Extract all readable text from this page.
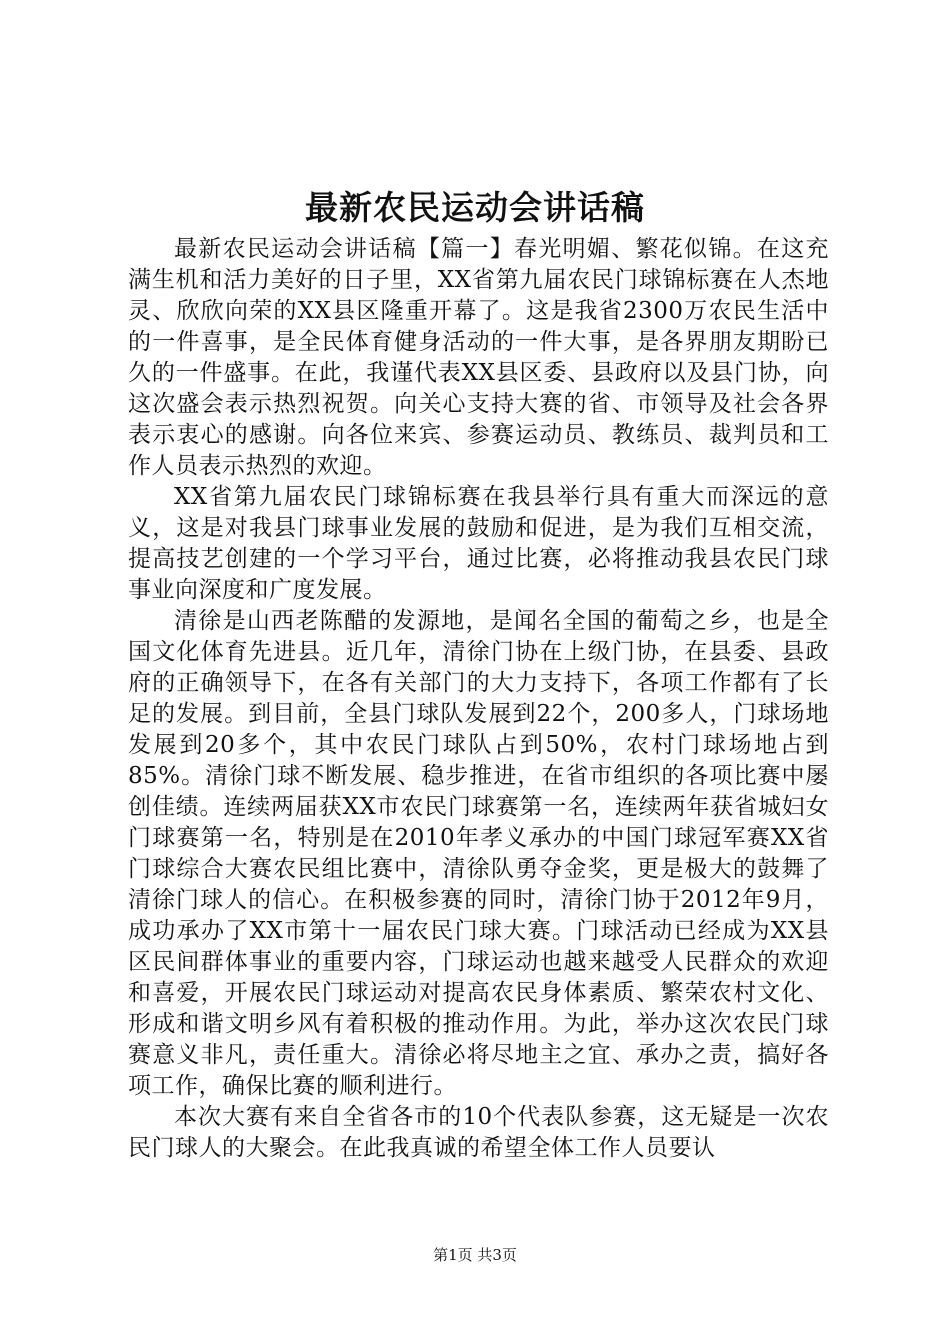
最新农民运动会讲话稿

最新农民运动会讲话稿【篇一】春光明媚、繁花似锦。在这充满生机和活力美好的日子里，XX省第九届农民门球锦标赛在人杰地灵、欣欣向荣的XX县区隆重开幕了。这是我省2300万农民生活中的一件喜事，是全民体育健身活动的一件大事，是各界朋友期盼已久的一件盛事。在此，我谨代表XX县区委、县政府以及县门协，向这次盛会表示热烈祝贺。向关心支持大赛的省、市领导及社会各界表示衷心的感谢。向各位来宾、参赛运动员、教练员、裁判员和工作人员表示热烈的欢迎。

XX省第九届农民门球锦标赛在我县举行具有重大而深远的意义，这是对我县门球事业发展的鼓励和促进，是为我们互相交流，提高技艺创建的一个学习平台，通过比赛，必将推动我县农民门球事业向深度和广度发展。

清徐是山西老陈醋的发源地，是闻名全国的葡萄之乡，也是全国文化体育先进县。近几年，清徐门协在上级门协，在县委、县政府的正确领导下，在各有关部门的大力支持下，各项工作都有了长足的发展。到目前，全县门球队发展到22个，200多人，门球场地发展到20多个，其中农民门球队占到50%，农村门球场地占到85%。清徐门球不断发展、稳步推进，在省市组织的各项比赛中屡创佳绩。连续两届获XX市农民门球赛第一名，连续两年获省城妇女门球赛第一名，特别是在2010年孝义承办的中国门球冠军赛XX省门球综合大赛农民组比赛中，清徐队勇夺金奖，更是极大的鼓舞了清徐门球人的信心。在积极参赛的同时，清徐门协于2012年9月，成功承办了XX市第十一届农民门球大赛。门球活动已经成为XX县区民间群体事业的重要内容，门球运动也越来越受人民群众的欢迎和喜爱，开展农民门球运动对提高农民身体素质、繁荣农村文化、形成和谐文明乡风有着积极的推动作用。为此，举办这次农民门球赛意义非凡，责任重大。清徐必将尽地主之宜、承办之责，搞好各项工作，确保比赛的顺利进行。

本次大赛有来自全省各市的10个代表队参赛，这无疑是一次农民门球人的大聚会。在此我真诚的希望全体工作人员要认

第1页 共3页
